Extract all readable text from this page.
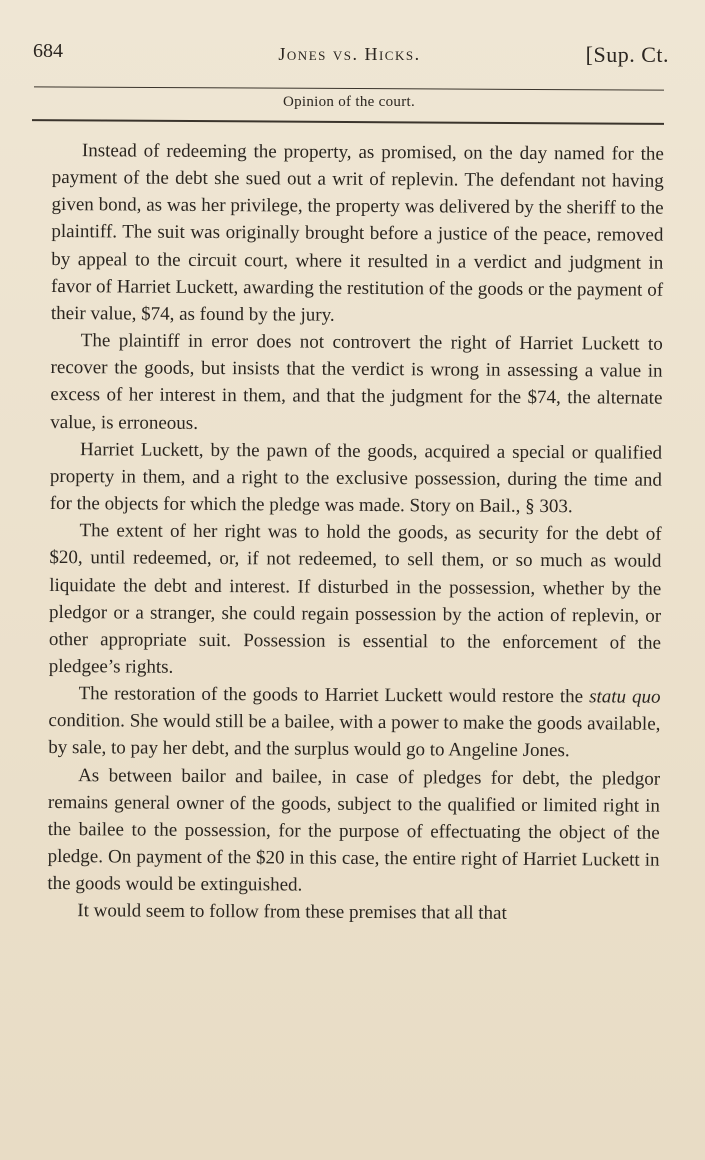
684	Jones vs. Hicks.	[Sup. Ct.
Opinion of the court.

Instead of redeeming the property, as promised, on the day named for the payment of the debt she sued out a writ of replevin. The defendant not having given bond, as was her privilege, the property was delivered by the sheriff to the plaintiff. The suit was originally brought before a justice of the peace, removed by appeal to the circuit court, where it resulted in a verdict and judgment in favor of Harriet Luckett, awarding the restitution of the goods or the payment of their value, $74, as found by the jury.

The plaintiff in error does not controvert the right of Harriet Luckett to recover the goods, but insists that the verdict is wrong in assessing a value in excess of her interest in them, and that the judgment for the $74, the alternate value, is erroneous.

Harriet Luckett, by the pawn of the goods, acquired a special or qualified property in them, and a right to the exclusive possession, during the time and for the objects for which the pledge was made. Story on Bail., § 303.

The extent of her right was to hold the goods, as security for the debt of $20, until redeemed, or, if not redeemed, to sell them, or so much as would liquidate the debt and interest. If disturbed in the possession, whether by the pledgor or a stranger, she could regain possession by the action of replevin, or other appropriate suit. Possession is essential to the enforcement of the pledgee’s rights.

The restoration of the goods to Harriet Luckett would restore the statu quo condition. She would still be a bailee, with a power to make the goods available, by sale, to pay her debt, and the surplus would go to Angeline Jones.

As between bailor and bailee, in case of pledges for debt, the pledgor remains general owner of the goods, subject to the qualified or limited right in the bailee to the possession, for the purpose of effectuating the object of the pledge. On payment of the $20 in this case, the entire right of Harriet Luckett in the goods would be extinguished.

It would seem to follow from these premises that all that
